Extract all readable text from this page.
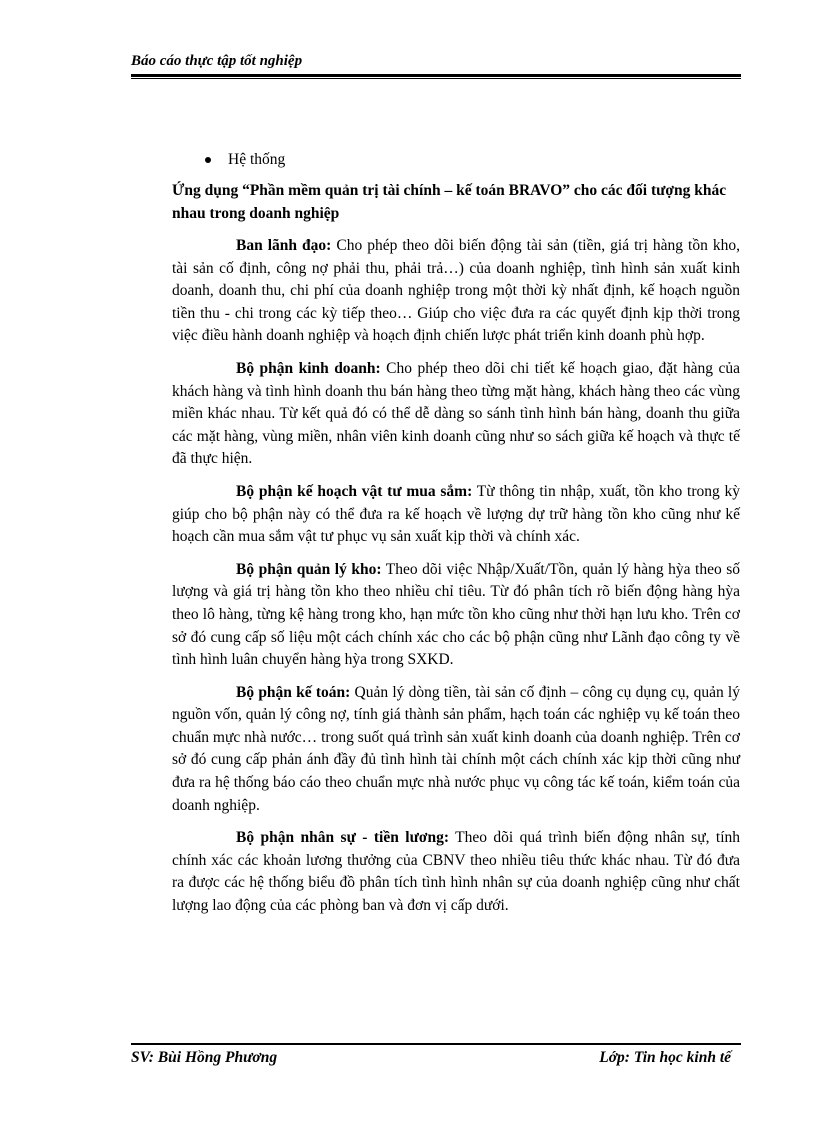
Báo cáo thực tập tốt nghiệp
Hệ thống
Ứng dụng “Phần mềm quản trị tài chính – kế toán BRAVO” cho các đối tượng khác nhau trong doanh nghiệp

Ban lãnh đạo: Cho phép theo dõi biến động tài sản (tiền, giá trị hàng tồn kho, tài sản cố định, công nợ phải thu, phải trả…) của doanh nghiệp, tình hình sản xuất kinh doanh, doanh thu, chi phí của doanh nghiệp trong một thời kỳ nhất định, kế hoạch nguồn tiền thu - chi trong các kỳ tiếp theo… Giúp cho việc đưa ra các quyết định kịp thời trong việc điều hành doanh nghiệp và hoạch định chiến lược phát triển kinh doanh phù hợp.

Bộ phận kinh doanh: Cho phép theo dõi chi tiết kế hoạch giao, đặt hàng của khách hàng và tình hình doanh thu bán hàng theo từng mặt hàng, khách hàng theo các vùng miền khác nhau. Từ kết quả đó có thể dễ dàng so sánh tình hình bán hàng, doanh thu giữa các mặt hàng, vùng miền, nhân viên kinh doanh cũng như so sách giữa kế hoạch và thực tế đã thực hiện.

Bộ phận kế hoạch vật tư mua sắm: Từ thông tin nhập, xuất, tồn kho trong kỳ giúp cho bộ phận này có thể đưa ra kế hoạch về lượng dự trữ hàng tồn kho cũng như kế hoạch cần mua sắm vật tư phục vụ sản xuất kịp thời và chính xác.

Bộ phận quản lý kho: Theo dõi việc Nhập/Xuất/Tồn, quản lý hàng hỳa theo số lượng và giá trị hàng tồn kho theo nhiều chỉ tiêu. Từ đó phân tích rõ biến động hàng hỳa theo lô hàng, từng kệ hàng trong kho, hạn mức tồn kho cũng như thời hạn lưu kho. Trên cơ sở đó cung cấp số liệu một cách chính xác cho các bộ phận cũng như Lãnh đạo công ty về tình hình luân chuyển hàng hỳa trong SXKD.

Bộ phận kế toán: Quản lý dòng tiền, tài sản cố định – công cụ dụng cụ, quản lý nguồn vốn, quản lý công nợ, tính giá thành sản phẩm, hạch toán các nghiệp vụ kế toán theo chuẩn mực nhà nước… trong suốt quá trình sản xuất kinh doanh của doanh nghiệp. Trên cơ sở đó cung cấp phản ánh đầy đủ tình hình tài chính một cách chính xác kịp thời cũng như đưa ra hệ thống báo cáo theo chuẩn mực nhà nước phục vụ công tác kế toán, kiểm toán của doanh nghiệp.

Bộ phận nhân sự - tiền lương: Theo dõi quá trình biến động nhân sự, tính chính xác các khoản lương thưởng của CBNV theo nhiều tiêu thức khác nhau. Từ đó đưa ra được các hệ thống biểu đồ phân tích tình hình nhân sự của doanh nghiệp cũng như chất lượng lao động của các phòng ban và đơn vị cấp dưới.

SV: Bùi Hồng Phương	Lớp: Tin học kinh tế
